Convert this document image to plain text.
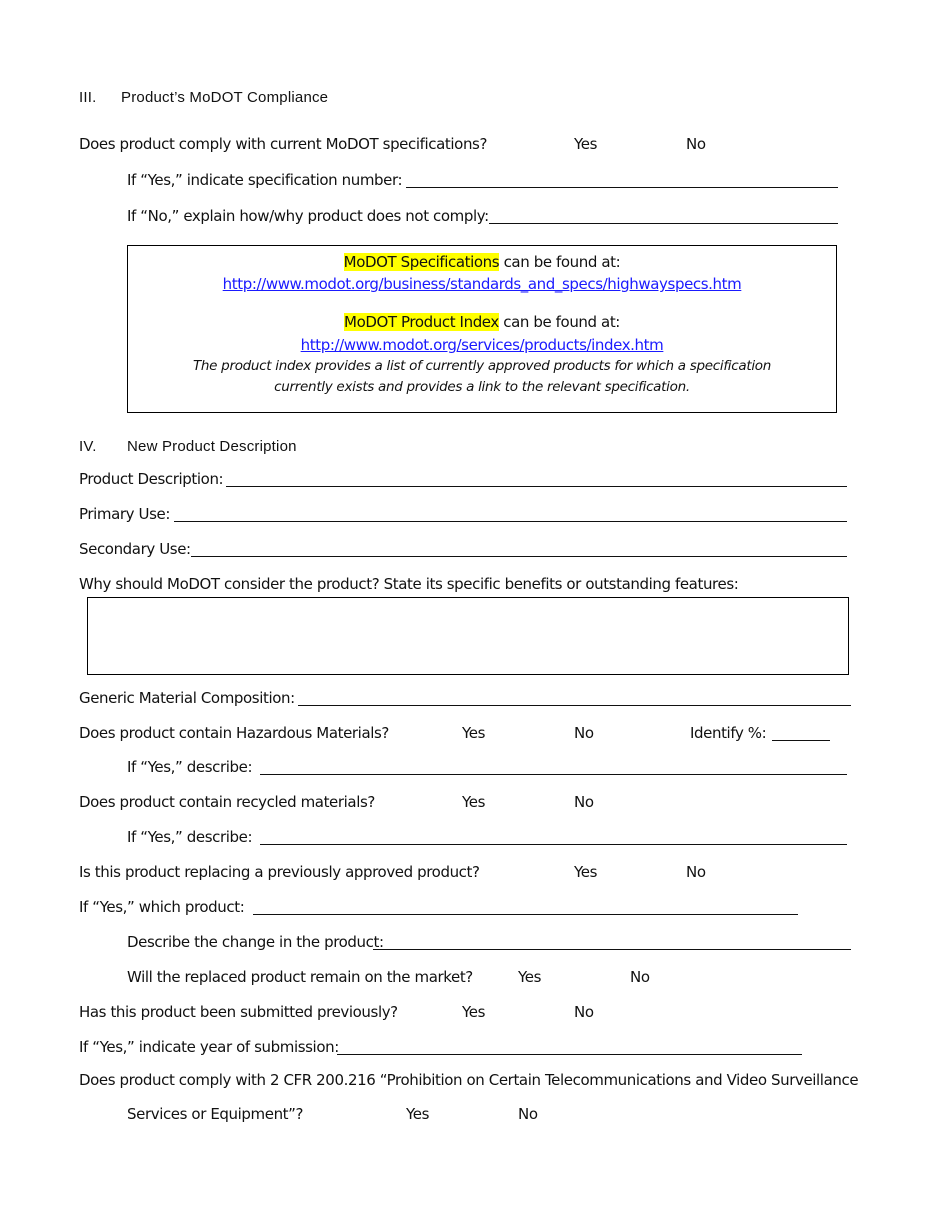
III. Product’s MoDOT Compliance
Does product comply with current MoDOT specifications?	Yes	No
If “Yes,” indicate specification number:
If “No,” explain how/why product does not comply:
MoDOT Specifications can be found at:
http://www.modot.org/business/standards_and_specs/highwayspecs.htm
MoDOT Product Index can be found at:
http://www.modot.org/services/products/index.htm
The product index provides a list of currently approved products for which a specification
currently exists and provides a link to the relevant specification.
IV. New Product Description
Product Description:
Primary Use:
Secondary Use:
Why should MoDOT consider the product? State its specific benefits or outstanding features:
Generic Material Composition:
Does product contain Hazardous Materials?	Yes	No	Identify %:
If “Yes,” describe:
Does product contain recycled materials?	Yes	No
If “Yes,” describe:
Is this product replacing a previously approved product?	Yes	No
If “Yes,” which product:
Describe the change in the product:
Will the replaced product remain on the market?	Yes	No
Has this product been submitted previously?	Yes	No
If “Yes,” indicate year of submission:
Does product comply with 2 CFR 200.216 “Prohibition on Certain Telecommunications and Video Surveillance
Services or Equipment”?	Yes	No
